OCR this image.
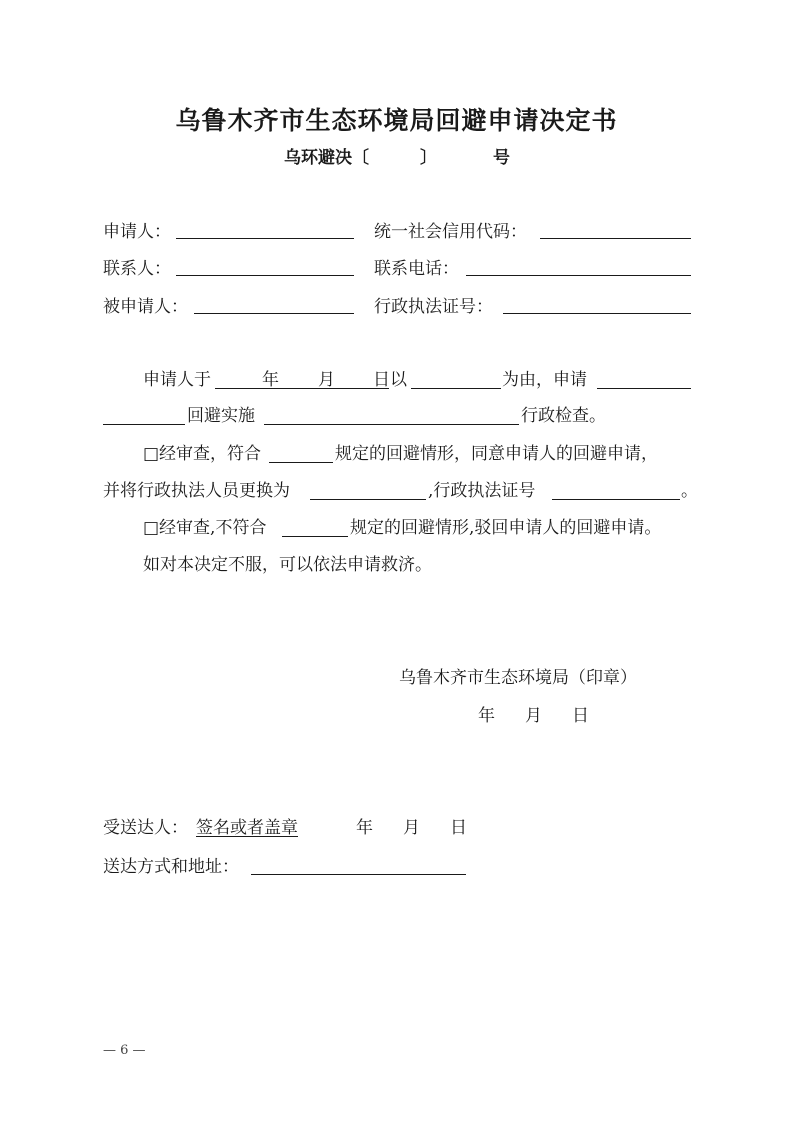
乌鲁木齐市生态环境局回避申请决定书
乌环避决〔	〕	号
申请人：	统一社会信用代码：
联系人：	联系电话：
被申请人：	行政执法证号：
申请人于	年 月 日以	为由，申请
回避实施	行政检查。
□经审查，符合	规定的回避情形，同意申请人的回避申请，
并将行政执法人员更换为	,行政执法证号	。
□经审查,不符合	规定的回避情形,驳回申请人的回避申请。
如对本决定不服，可以依法申请救济。
乌鲁木齐市生态环境局（印章）
年 月 日
受送达人： 签名或者盖章	年 月 日
送达方式和地址：
— 6 —
